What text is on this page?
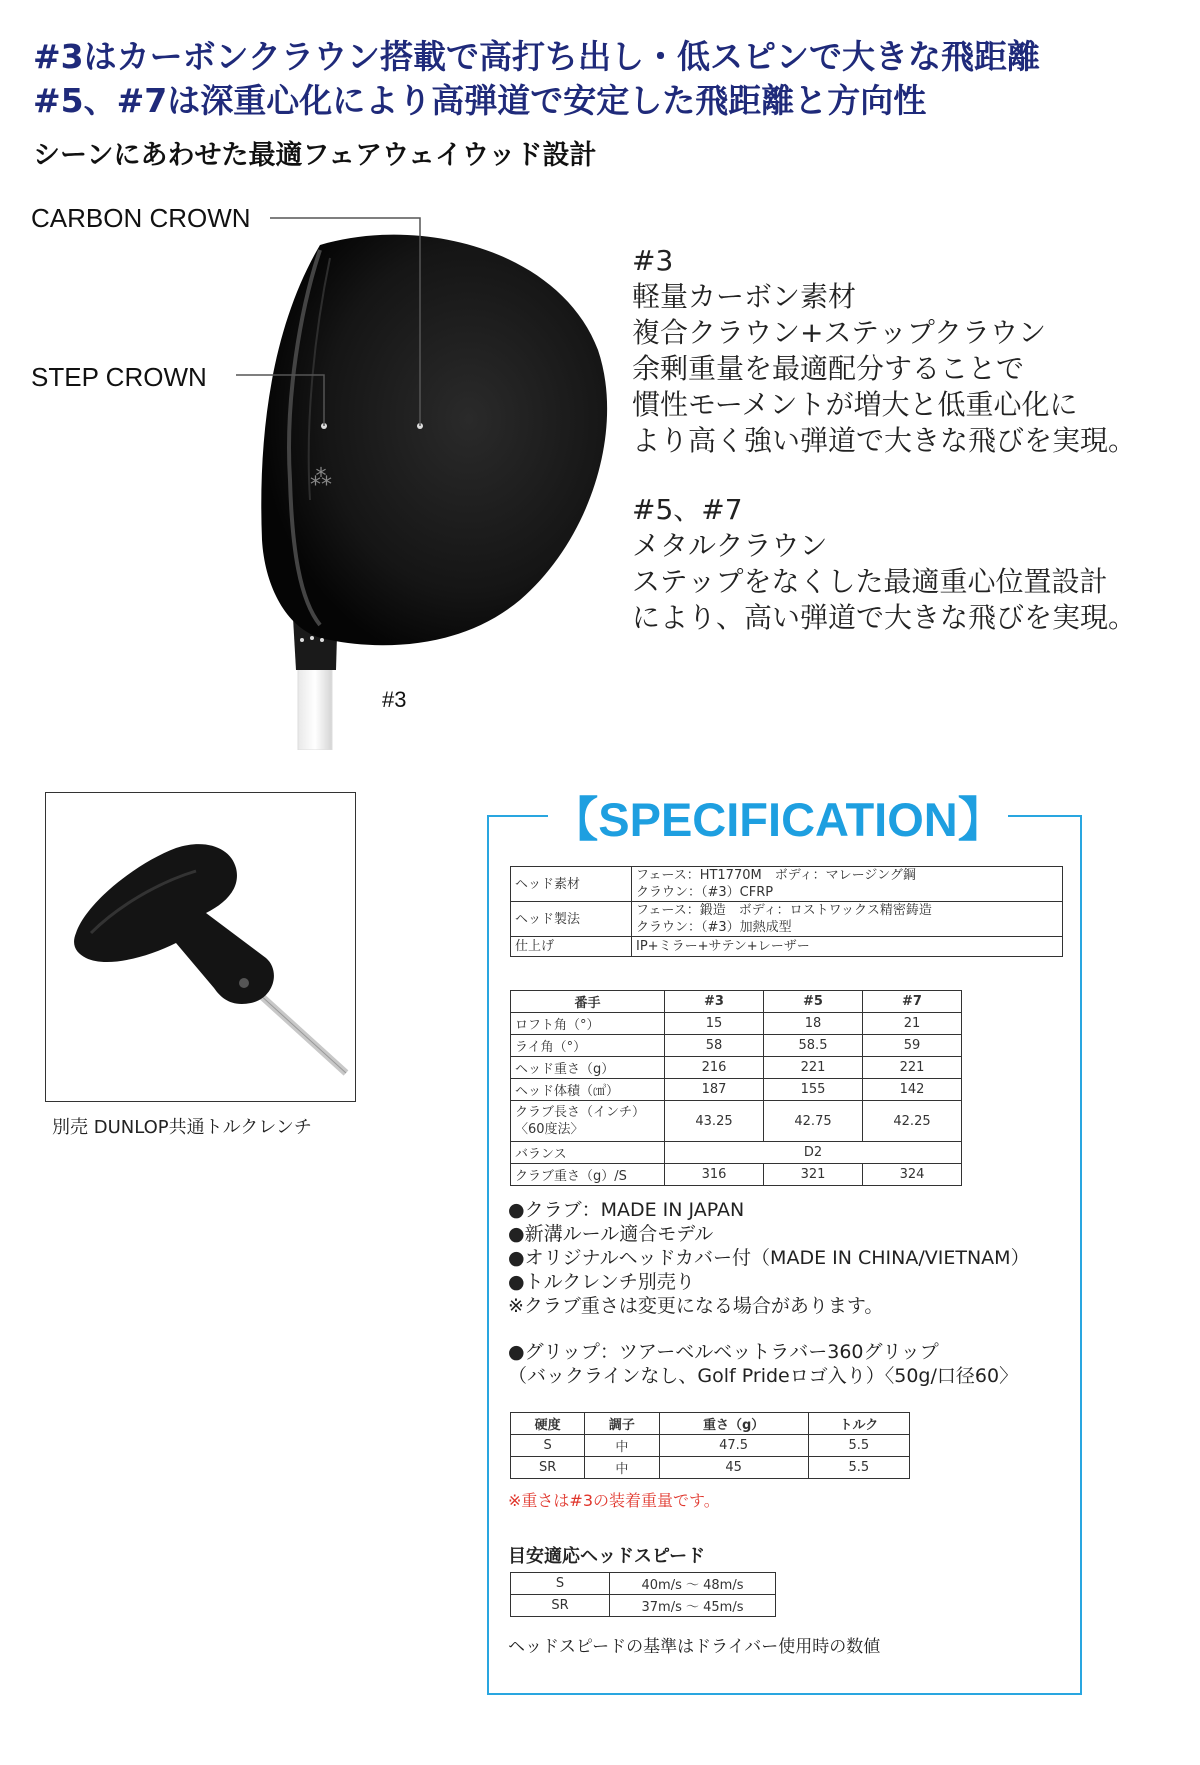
#3はカーボンクラウン搭載で高打ち出し・低スピンで大きな飛距離
#5、#7は深重心化により高弾道で安定した飛距離と方向性
シーンにあわせた最適フェアウェイウッド設計
⁂
CARBON CROWN
STEP CROWN
#3
#3
軽量カーボン素材
複合クラウン+ステップクラウン
余剰重量を最適配分することで
慣性モーメントが増大と低重心化に
より高く強い弾道で大きな飛びを実現。
#5、#7
メタルクラウン
ステップをなくした最適重心位置設計
により、高い弾道で大きな飛びを実現。
別売 DUNLOP共通トルクレンチ
【SPECIFICATION】
ヘッド素材	フェース：HT1770M　ボディ：マレージング鋼
クラウン：（#3）CFRP

ヘッド製法	フェース：鍛造　ボディ：ロストワックス精密鋳造
クラウン：（#3）加熱成型

仕上げ	IP+ミラー+サテン+レーザー
番手	#3	#5	#7
ロフト角（°）	15	18	21
ライ角（°）	58	58.5	59
ヘッド重さ（g）	216	221	221
ヘッド体積（㎤）	187	155	142
クラブ長さ（インチ）〈60度法〉	43.25	42.75	42.25
バランス	D2		
クラブ重さ（g）/S	316	321	324
●クラブ：MADE IN JAPAN
●新溝ルール適合モデル
●オリジナルヘッドカバー付（MADE IN CHINA/VIETNAM）
●トルクレンチ別売り
※クラブ重さは変更になる場合があります。
●グリップ：ツアーベルベットラバー360グリップ
（バックラインなし、Golf Prideロゴ入り）〈50g/口径60〉
硬度	調子	重さ（g）	トルク
S	中	47.5	5.5
SR	中	45	5.5
※重さは#3の装着重量です。
目安適応ヘッドスピード
S	40m/s 〜 48m/s
SR	37m/s 〜 45m/s
ヘッドスピードの基準はドライバー使用時の数値
